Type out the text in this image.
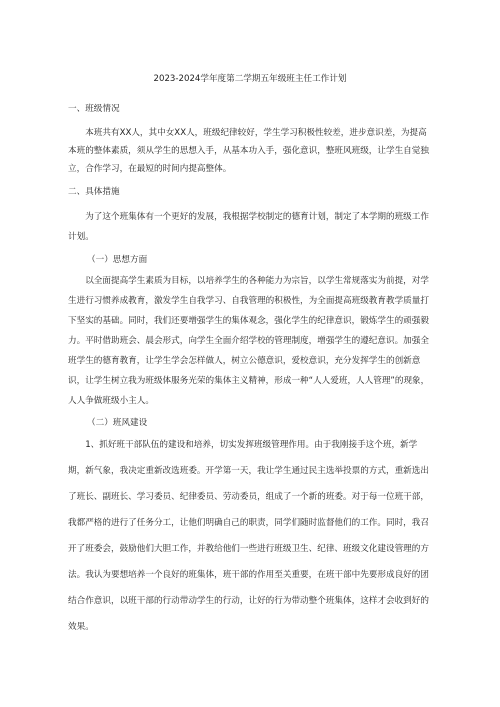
2023-2024学年度第二学期五年级班主任工作计划
一、班级情况
本班共有XX人，其中女XX人，班级纪律较好，学生学习积极性较差，进步意识差，为提高本班的整体素质，须从学生的思想入手，从基本功入手，强化意识，整班风班级，让学生自觉独立，合作学习，在最短的时间内提高整体。
二、具体措施
为了这个班集体有一个更好的发展，我根据学校制定的德育计划，制定了本学期的班级工作计划。
（一）思想方面
以全面提高学生素质为目标，以培养学生的各种能力为宗旨，以学生常规落实为前提，对学生进行习惯养成教育，激发学生自我学习、自我管理的积极性，为全面提高班级教育教学质量打下坚实的基础。同时，我们还要增强学生的集体观念，强化学生的纪律意识，锻炼学生的顽强毅力。平时借助班会、晨会形式，向学生全面介绍学校的管理制度，增强学生的遵纪意识。加强全班学生的德育教育，让学生学会怎样做人，树立公德意识，爱校意识，充分发挥学生的创新意识，让学生树立我为班级体服务光荣的集体主义精神，形成一种“人人爱班，人人管理”的现象，人人争做班级小主人。
（二）班风建设
1、抓好班干部队伍的建设和培养，切实发挥班级管理作用。由于我刚接手这个班，新学期，新气象，我决定重新改选班委。开学第一天，我让学生通过民主选举投票的方式，重新选出了班长、副班长、学习委员、纪律委员、劳动委员，组成了一个新的班委。对于每一位班干部，我都严格的进行了任务分工，让他们明确自己的职责，同学们随时监督他们的工作。同时，我召开了班委会，鼓励他们大胆工作，并教给他们一些进行班级卫生、纪律、班级文化建设管理的方法。我认为要想培养一个良好的班集体，班干部的作用至关重要，在班干部中先要形成良好的团结合作意识，以班干部的行动带动学生的行动，让好的行为带动整个班集体，这样才会收到好的效果。
